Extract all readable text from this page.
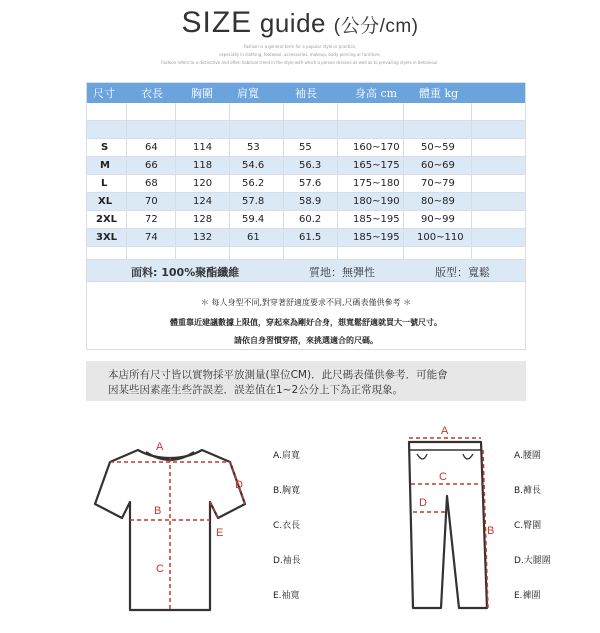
SIZE guide (公分/cm)
Fashion is a general term for a popular style or practice,
especially in clothing, footwear, accessories, makeup, body piercing or furniture.
Fashion refers to a distinctive and often habitual trend in the style with which a person dresses as well as to prevailing styles in behaviour.
尺寸 衣長	胸圍 肩寬	袖長	身高 cm 體重 kg
S	64	114	53	55	160~170 50~59
M	66	118	54.6	56.3	165~175 60~69
L	68	120	56.2	57.6	175~180 70~79
XL	70	124	57.8	58.9	180~190 80~89
2XL	72	128	59.4	60.2	185~195 90~99
3XL	74	132	61	61.5	185~195 100~110
面料: 100%聚酯纖維	質地：無彈性	版型：寬鬆
＊ 每人身型不同,對穿著舒適度要求不同,尺碼表僅供參考 ＊
體重靠近建議數據上限值，穿起來為剛好合身，想寬鬆舒適就買大一號尺寸。
請依自身習慣穿搭，來挑選適合的尺碼。

本店所有尺寸皆以實物採平放測量(單位CM)．此尺碼表僅供參考．可能會

因某些因素產生些許誤差．誤差值在1~2公分上下為正常現象。

A
B
C
D
E
A.肩寬
B.胸寬
C.衣長
D.袖長
E.袖寬
A
B
C
D
A.腰圍
B.褲長
C.臀圍
D.大腿圍
E.褲圍
